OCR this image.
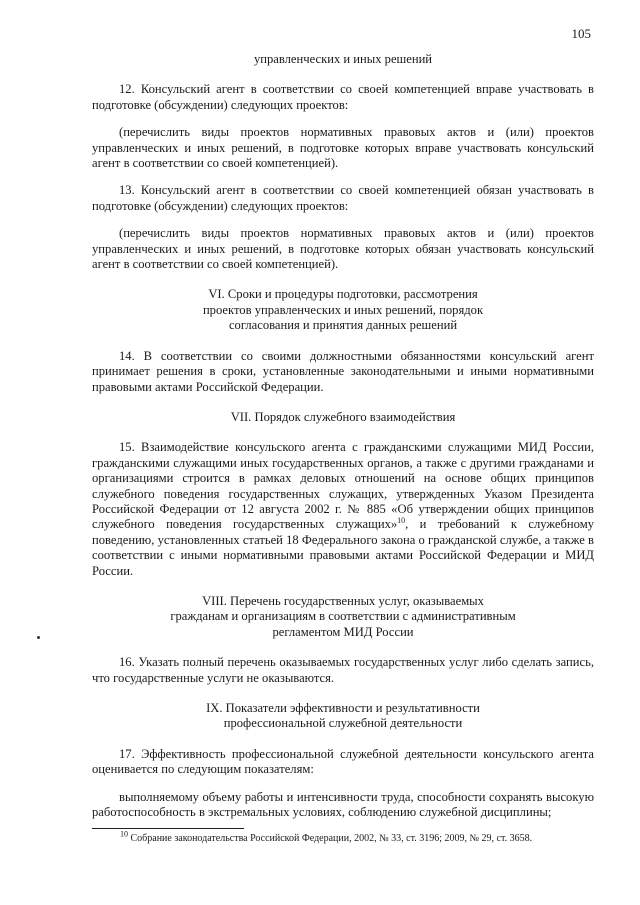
105

управленческих и иных решений

12. Консульский агент в соответствии со своей компетенцией вправе участвовать в подготовке (обсуждении) следующих проектов:

(перечислить виды проектов нормативных правовых актов и (или) проектов управленческих и иных решений, в подготовке которых вправе участвовать консульский агент в соответствии со своей компетенцией).

13. Консульский агент в соответствии со своей компетенцией обязан участвовать в подготовке (обсуждении) следующих проектов:

(перечислить виды проектов нормативных правовых актов и (или) проектов управленческих и иных решений, в подготовке которых обязан участвовать консульский агент в соответствии со своей компетенцией).

VI. Сроки и процедуры подготовки, рассмотрения

проектов управленческих и иных решений, порядок

согласования и принятия данных решений

14. В соответствии со своими должностными обязанностями консульский агент принимает решения в сроки, установленные законодательными и иными нормативными правовыми актами Российской Федерации.

VII. Порядок служебного взаимодействия

15. Взаимодействие консульского агента с гражданскими служащими МИД России, гражданскими служащими иных государственных органов, а также с другими гражданами и организациями строится в рамках деловых отношений на основе общих принципов служебного поведения государственных служащих, утвержденных Указом Президента Российской Федерации от 12 августа 2002 г. № 885 «Об утверждении общих принципов служебного поведения государственных служащих»$^{10}$, и требований к служебному поведению, установленных статьей 18 Федерального закона о гражданской службе, а также в соответствии с иными нормативными правовыми актами Российской Федерации и МИД России.

VIII. Перечень государственных услуг, оказываемых

гражданам и организациям в соответствии с административным

регламентом МИД России

16. Указать полный перечень оказываемых государственных услуг либо сделать запись, что государственные услуги не оказываются.

IX. Показатели эффективности и результативности

профессиональной служебной деятельности

17. Эффективность профессиональной служебной деятельности консульского агента оценивается по следующим показателям:

выполняемому объему работы и интенсивности труда, способности сохранять высокую работоспособность в экстремальных условиях, соблюдению служебной дисциплины;

$^{10}$ Собрание законодательства Российской Федерации, 2002, № 33, ст. 3196; 2009, № 29, ст. 3658.
